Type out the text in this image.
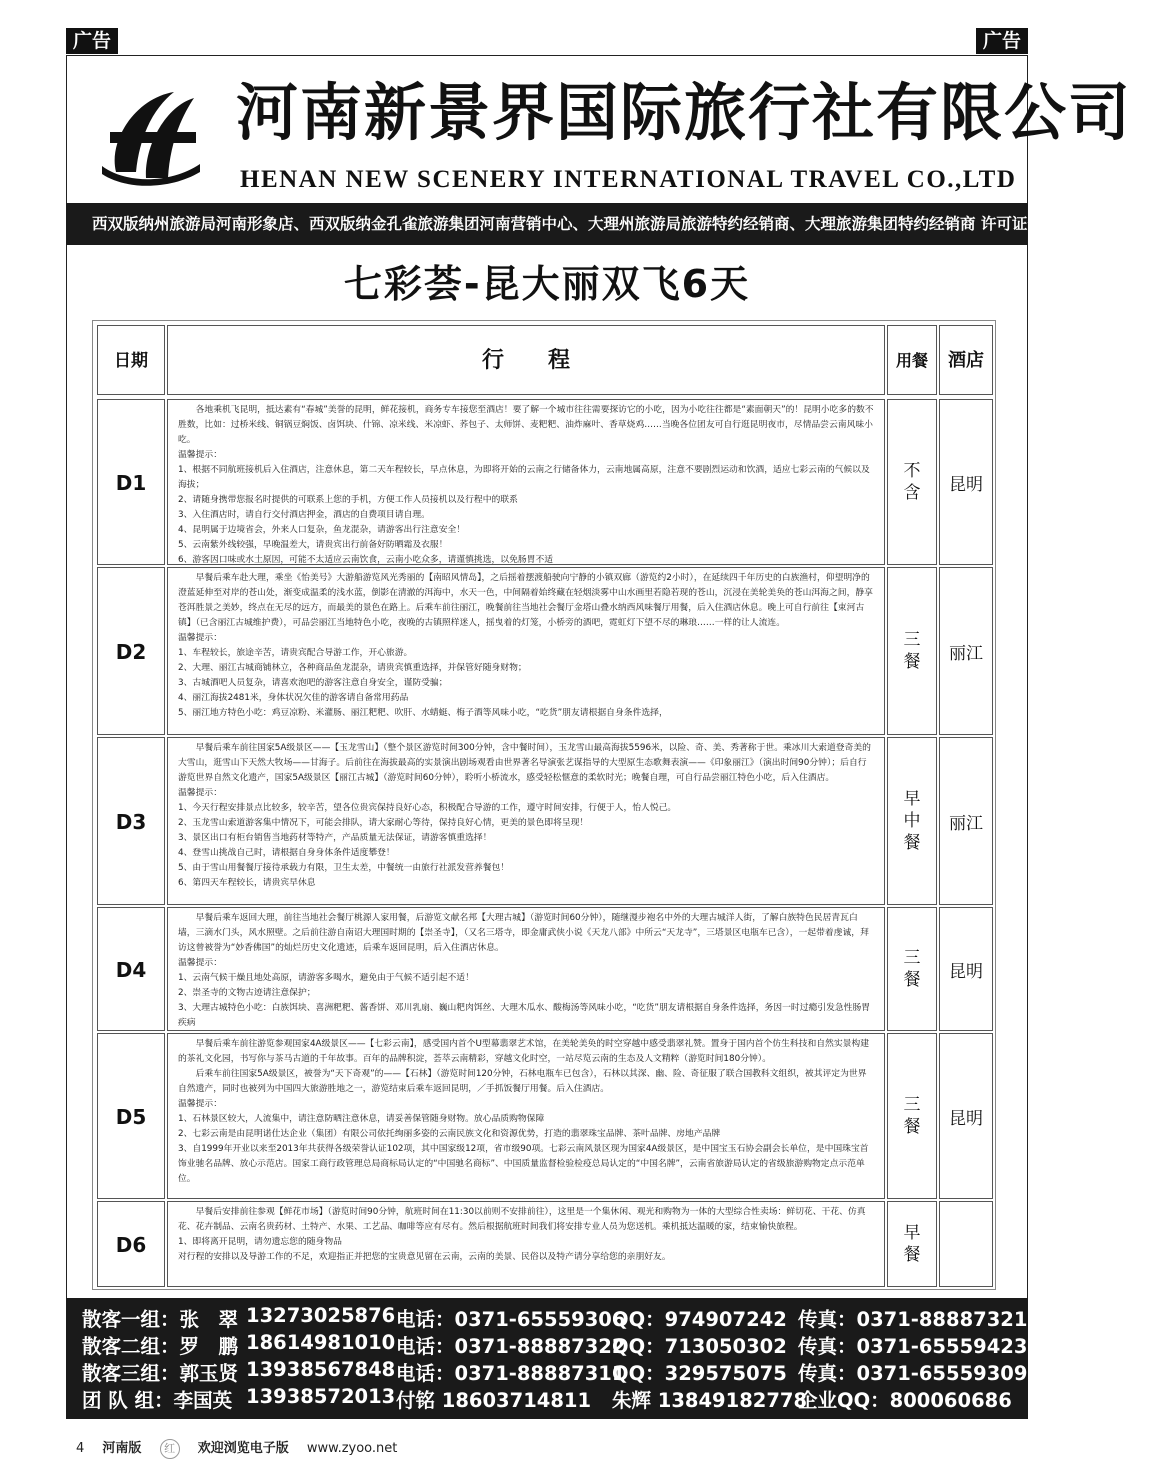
广告	广告
河南新景界国际旅行社有限公司
HENAN NEW SCENERY INTERNATIONAL TRAVEL CO.,LTD
西双版纳州旅游局河南形象店、西双版纳金孔雀旅游集团河南营销中心、大理州旅游局旅游特约经销商、大理旅游集团特约经销商 许可证号：L-HENO1231
七彩荟-昆大丽双飞6天
日期	行　　程	用餐	酒店
D1
各地乘机飞昆明，抵达素有“春城”美誉的昆明，鲜花接机，商务专车接您至酒店！要了解一个城市往往需要探访它的小吃，因为小吃往往都是“素面朝天”的！昆明小吃多的数不胜数，比如：过桥米线、铜锅豆焖饭、卤饵块、什锦、凉米线、米凉虾、荞包子、太师饼、麦粑粑、油炸麻叶、香草烧鸡……当晚各位团友可自行逛昆明夜市，尽情品尝云南风味小吃。
温馨提示：
1、根据不同航班接机后入住酒店，注意休息，第二天车程较长，早点休息，为即将开始的云南之行储备体力，云南地属高原，注意不要剧烈运动和饮酒，适应七彩云南的气候以及海拔；
2、请随身携带您报名时提供的可联系上您的手机，方便工作人员接机以及行程中的联系
3、入住酒店时，请自行交付酒店押金，酒店的自费项目请自理。
4、昆明属于边境省会，外来人口复杂，鱼龙混杂，请游客出行注意安全！
5、云南紫外线较强，早晚温差大，请贵宾出行前备好防晒霜及衣服！
6、游客因口味或水土原因，可能不太适应云南饮食，云南小吃众多，请谨慎挑选，以免肠胃不适
不含	昆明
D2
早餐后乘车赴大理，乘坐《怡美号》大游船游览风光秀丽的【南昭风情岛】，之后摇着摆渡船驶向宁静的小镇双廊（游览约2小时），在延续四千年历史的白族渔村，仰望明净的澄蓝延伸至对岸的苍山处，渐变成温柔的浅水蓝，倒影在清澈的洱海中，水天一色，中间隔着始终藏在轻烟淡雾中山水画里若隐若现的苍山，沉浸在美轮美奂的苍山洱海之间，静享苍洱胜景之美妙，终点在无尽的远方，而最美的景色在路上。后乘车前往丽江，晚餐前往当地社会餐厅金塔山叠水纳西风味餐厅用餐，后入住酒店休息。晚上可自行前往【束河古镇】（已含丽江古城维护费），可品尝丽江当地特色小吃，夜晚的古镇照样迷人，摇曳着的灯笼，小桥旁的酒吧，霓虹灯下望不尽的琳琅……一样的让人流连。
温馨提示：
1、车程较长，旅途辛苦，请贵宾配合导游工作，开心旅游。
2、大理、丽江古城商铺林立，各种商品鱼龙混杂，请贵宾慎重选择，并保管好随身财物；
3、古城酒吧人员复杂，请喜欢泡吧的游客注意自身安全，谨防受骗；
4、丽江海拔2481米，身体状况欠佳的游客请自备常用药品
5、丽江地方特色小吃：鸡豆凉粉、米灌肠、丽江粑粑、吹肝、水蜻蜓、梅子酒等风味小吃，“吃货”朋友请根据自身条件选择，
三餐	丽江
D3
早餐后乘车前往国家5A级景区——【玉龙雪山】（整个景区游览时间300分钟，含中餐时间），玉龙雪山最高海拔5596米，以险、奇、美、秀著称于世。乘冰川大索道登奇美的大雪山，逛雪山下天然大牧场——甘海子。后前往在海拔最高的实景演出剧场观看由世界著名导演张艺谋指导的大型原生态歌舞表演——《印象丽江》（演出时间90分钟）；后自行游览世界自然文化遗产，国家5A级景区【丽江古城】（游览时间60分钟），聆听小桥流水，感受轻松惬意的柔软时光；晚餐自理，可自行品尝丽江特色小吃，后入住酒店。
温馨提示：
1、今天行程安排景点比较多，较辛苦，望各位贵宾保持良好心态，积极配合导游的工作，遵守时间安排，行便于人，怡人悦己。
2、玉龙雪山索道游客集中情况下，可能会排队，请大家耐心等待，保持良好心情，更美的景色即将呈现！
3、景区出口有柜台销售当地药材等特产，产品质量无法保证，请游客慎重选择！
4、登雪山挑战自己时，请根据自身身体条件适度攀登！
5、由于雪山用餐餐厅接待承载力有限，卫生太差，中餐统一由旅行社派发营养餐包！
6、第四天车程较长，请贵宾早休息
早中餐
丽江
D4
早餐后乘车返回大理，前往当地社会餐厅桃源人家用餐，后游览文献名邦【大理古城】（游览时间60分钟），随继漫步袍名中外的大理古城洋人街，了解白族特色民居青瓦白墙，三滴水门头，风水照壁。之后前往游自南诏大理国时期的【崇圣寺】，（又名三塔寺，即金庸武侠小说《天龙八部》中所云“天龙寺”，三塔景区电瓶车已含），一起带着虔诚，拜访这曾被誉为“妙香佛国”的灿烂历史文化遗迹，后乘车返回昆明，后入住酒店休息。
温馨提示：
1、云南气候干燥且地处高原，请游客多喝水，避免由于气候不适引起不适！
2、崇圣寺的文物古迹请注意保护；
3、大理古城特色小吃：白族饵块、喜洲粑粑、酱香饼、邓川乳扇、巍山粑肉饵丝、大理木瓜水、酸梅汤等风味小吃，“吃货”朋友请根据自身条件选择，务因一时过瘾引发急性肠胃疾病
三餐	昆明
D5
早餐后乘车前往游览参观国家4A级景区——【七彩云南】，感受国内首个U型幕翡翠艺术馆，在美轮美奂的时空穿越中感受翡翠礼赞。置身于国内首个仿生科技和自然实景构建的茶礼文化园，书写你与茶马古道的千年故事。百年的品牌积淀，荟萃云南精彩，穿越文化时空，一站尽览云南的生态及人文精粹（游览时间180分钟）。
后乘车前往国家5A级景区，被誉为“天下奇观”的——【石林】（游览时间120分钟，石林电瓶车已包含），石林以其深、幽、险、奇征服了联合国教科文组织，被其评定为世界自然遗产，同时也被列为中国四大旅游胜地之一，游览结束后乘车返回昆明，／手抓饭餐厅用餐。后入住酒店。
温馨提示：
1、石林景区较大，人流集中，请注意防晒注意休息，请妥善保管随身财物。放心品质购物保障
2、七彩云南是由昆明诺仕达企业（集团）有限公司依托绚丽多姿的云南民族文化和资源优势，打造的翡翠珠宝品牌、茶叶品牌、房地产品牌
3、自1999年开业以来至2013年共获得各级荣誉认证102项，其中国家级12项，省市级90项。七彩云南风景区现为国家4A级景区，是中国宝玉石协会副会长单位，是中国珠宝首饰业驰名品牌、放心示范店。国家工商行政管理总局商标局认定的“中国驰名商标”、中国质量监督检验检疫总局认定的“中国名牌”，云南省旅游局认定的省级旅游购物定点示范单位。
三餐	昆明
D6
早餐后安排前往参观【鲜花市场】（游览时间90分钟，航班时间在11:30以前则不安排前往），这里是一个集休闲、观光和购物为一体的大型综合性卖场：鲜切花、干花、仿真花、花卉制品、云南名贵药材、土特产、水果、工艺品、咖啡等应有尽有。然后根据航班时间我们将安排专业人员为您送机。乘机抵达温暖的家，结束愉快旅程。
1、即将离开昆明，请勿遗忘您的随身物品
对行程的安排以及导游工作的不足，欢迎指正并把您的宝贵意见留在云南，云南的美景、民俗以及特产请分享给您的亲朋好友。
早餐
散客一组：张　翠 13273025876 电话：0371-65559306
QQ：974907242 传真：0371-88887321
散客二组：罗　鹏 18614981010 电话：0371-88887322
QQ：713050302 传真：0371-65559423
散客三组：郭玉贤 13938567848 电话：0371-88887311
QQ：329575075 传真：0371-65559309
团 队 组：李国英 13938572013 付铭 18603714811 朱辉 13849182778
企业QQ：800060686
4 河南版 红 欢迎浏览电子版 www.zyoo.net
